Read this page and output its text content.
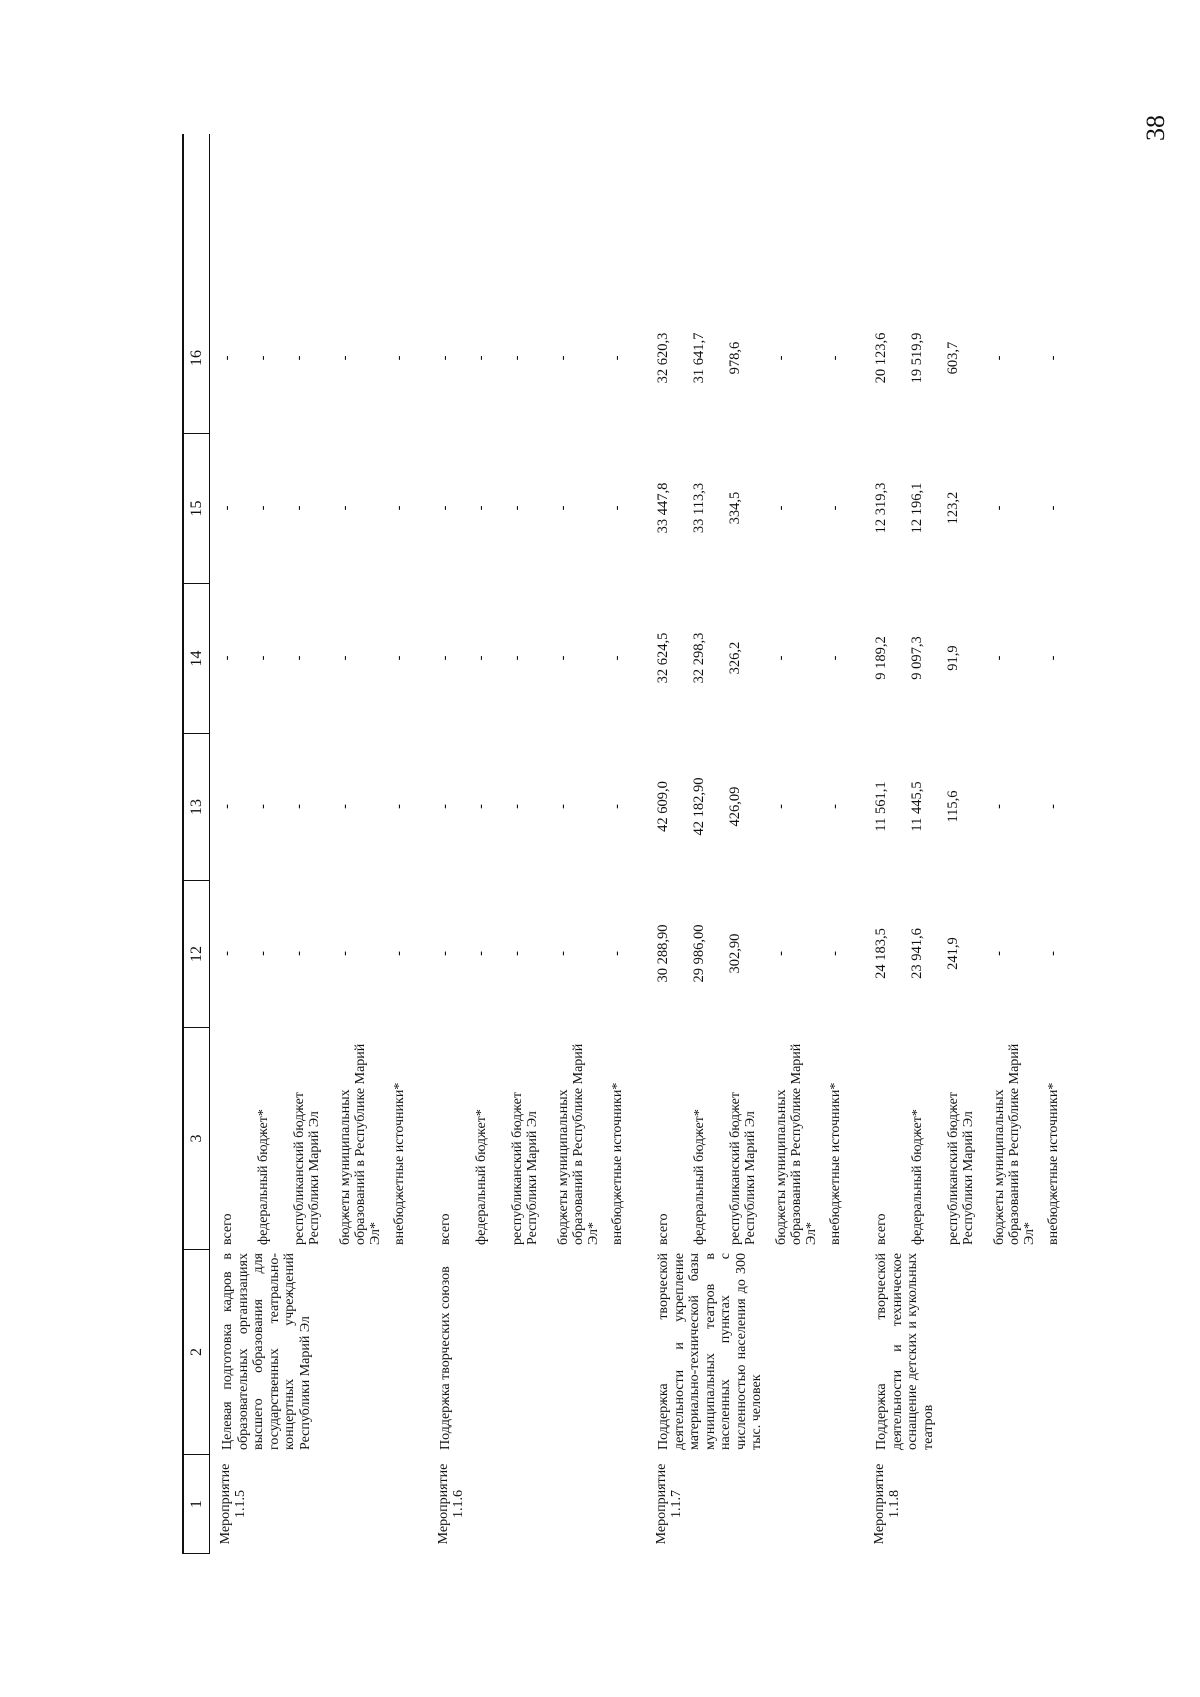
38
1
2
3
12
13
14
15
16
Мероприятие 1.1.5
Целевая подготовка кадров в образовательных организациях высшего образования для государственных театрально-концертных учреждений Республики Марий Эл
всего
-
-
-
-
-
федеральный бюджет*
-
-
-
-
-
республиканский бюджет Республики Марий Эл
-
-
-
-
-
бюджеты муниципальных образований в Республике Марий Эл*
-
-
-
-
-
внебюджетные источники*
-
-
-
-
-
Мероприятие 1.1.6
Поддержка творческих союзов
всего
-
-
-
-
-
федеральный бюджет*
-
-
-
-
-
республиканский бюджет Республики Марий Эл
-
-
-
-
-
бюджеты муниципальных образований в Республике Марий Эл*
-
-
-
-
-
внебюджетные источники*
-
-
-
-
-
Мероприятие 1.1.7
Поддержка творческой деятельности и укрепление материально-технической базы муниципальных театров в населенных пунктах с численностью населения до 300 тыс. человек
всего
30 288,90
42 609,0
32 624,5
33 447,8
32 620,3
федеральный бюджет*
29 986,00
42 182,90
32 298,3
33 113,3
31 641,7
республиканский бюджет Республики Марий Эл
302,90
426,09
326,2
334,5
978,6
бюджеты муниципальных образований в Республике Марий Эл*
-
-
-
-
-
внебюджетные источники*
-
-
-
-
-
Мероприятие 1.1.8
Поддержка творческой деятельности и техническое оснащение детских и кукольных театров
всего
24 183,5
11 561,1
9 189,2
12 319,3
20 123,6
федеральный бюджет*
23 941,6
11 445,5
9 097,3
12 196,1
19 519,9
республиканский бюджет Республики Марий Эл
241,9
115,6
91,9
123,2
603,7
бюджеты муниципальных образований в Республике Марий Эл*
-
-
-
-
-
внебюджетные источники*
-
-
-
-
-
